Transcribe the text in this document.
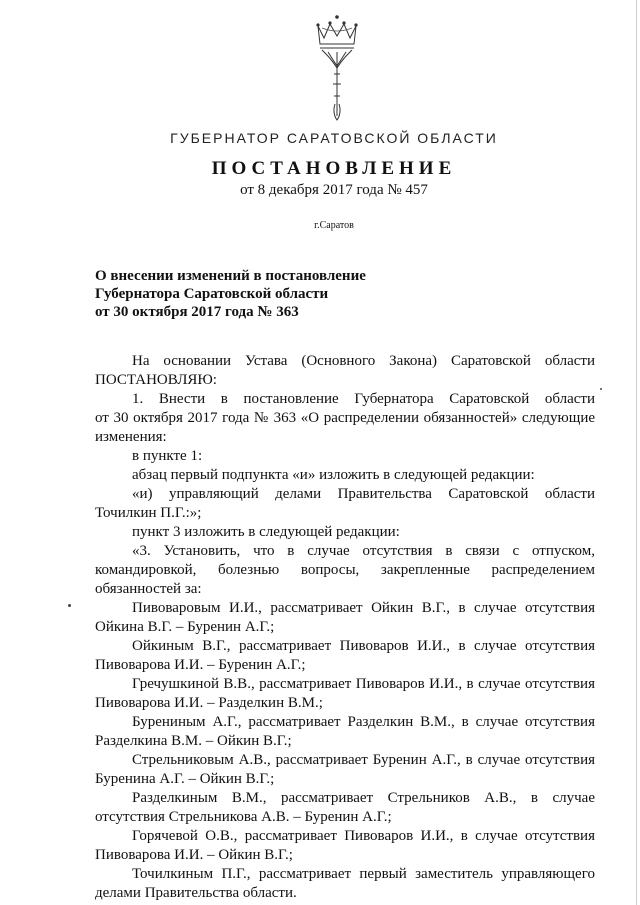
ГУБЕРНАТОР САРАТОВСКОЙ ОБЛАСТИ
ПОСТАНОВЛЕНИЕ
от 8 декабря 2017 года № 457
г.Саратов
О внесении изменений в постановление
Губернатора Саратовской области
от 30 октября 2017 года № 363
На основании Устава (Основного Закона) Саратовской области
ПОСТАНОВЛЯЮ:
1. Внести в постановление Губернатора Саратовской области
от 30 октября 2017 года № 363 «О распределении обязанностей» следующие
изменения:
в пункте 1:
абзац первый подпункта «и» изложить в следующей редакции:
«и) управляющий делами Правительства Саратовской области
Точилкин П.Г.:»;
пункт 3 изложить в следующей редакции:
«3. Установить, что в случае отсутствия в связи с отпуском,
командировкой, болезнью вопросы, закрепленные распределением
обязанностей за:
Пивоваровым И.И., рассматривает Ойкин В.Г., в случае отсутствия
Ойкина В.Г. – Буренин А.Г.;
Ойкиным В.Г., рассматривает Пивоваров И.И., в случае отсутствия
Пивоварова И.И. – Буренин А.Г.;
Гречушкиной В.В., рассматривает Пивоваров И.И., в случае отсутствия
Пивоварова И.И. – Разделкин В.М.;
Бурениным А.Г., рассматривает Разделкин В.М., в случае отсутствия
Разделкина В.М. – Ойкин В.Г.;
Стрельниковым А.В., рассматривает Буренин А.Г., в случае отсутствия
Буренина А.Г. – Ойкин В.Г.;
Разделкиным В.М., рассматривает Стрельников А.В., в случае
отсутствия Стрельникова А.В. – Буренин А.Г.;
Горячевой О.В., рассматривает Пивоваров И.И., в случае отсутствия
Пивоварова И.И. – Ойкин В.Г.;
Точилкиным П.Г., рассматривает первый заместитель управляющего
делами Правительства области.
